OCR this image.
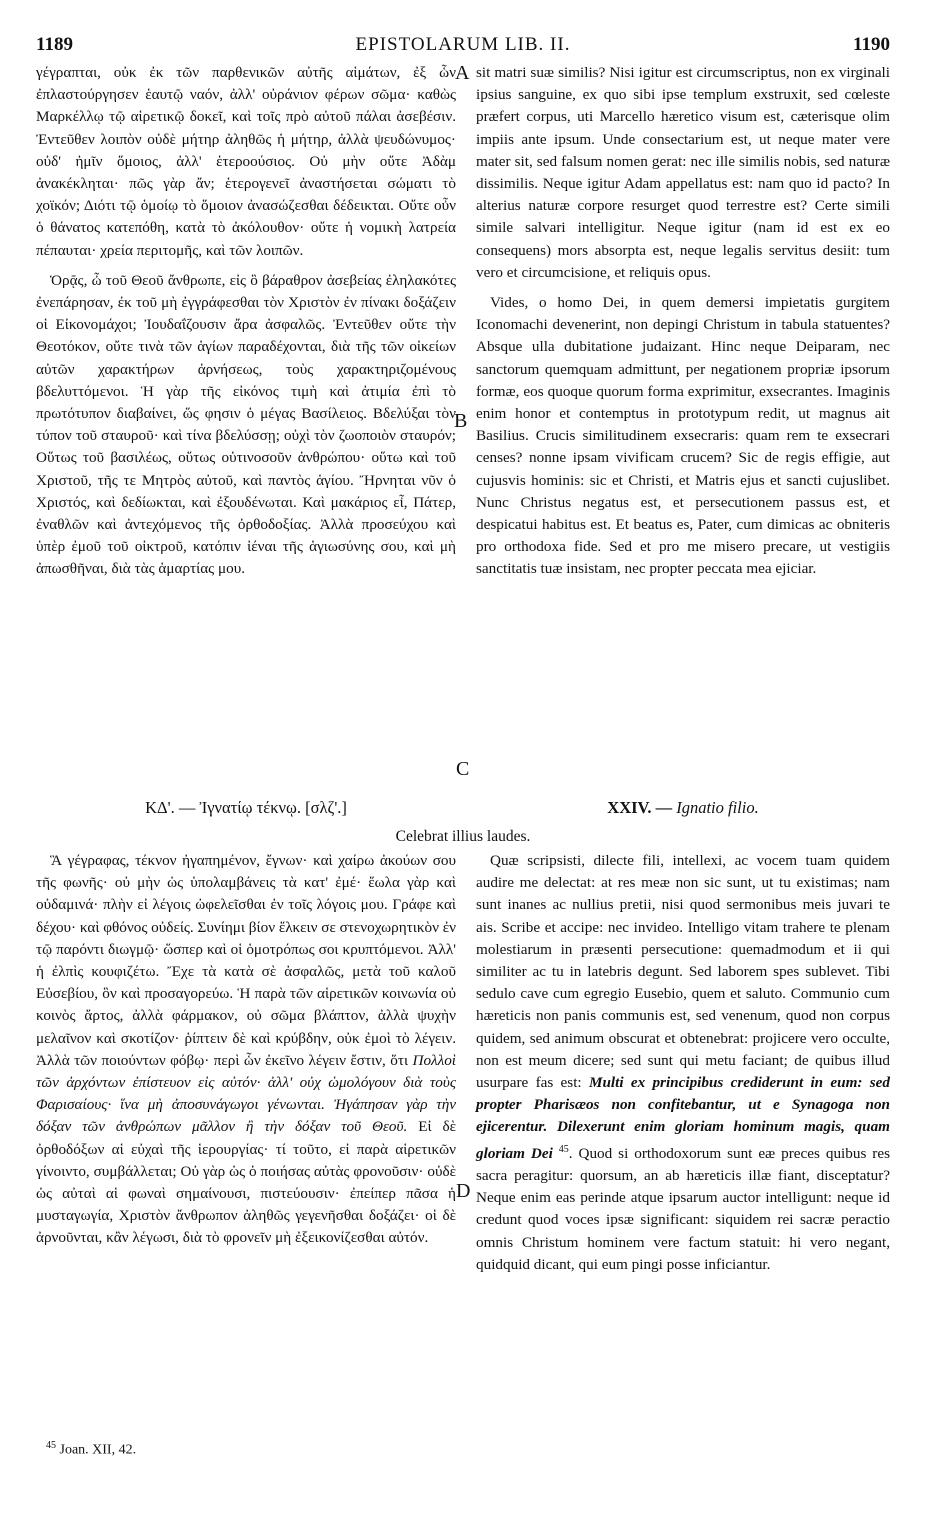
1189	EPISTOLARUM LIB. II.	1190

γέγραπται, οὐκ ἐκ τῶν παρθενικῶν αὐτῆς αἱμάτων, ἐξ ὧν ἐπλαστούργησεν ἑαυτῷ ναόν, ἀλλ' οὐράνιον φέρων σῶμα· καθὼς Μαρκέλλῳ τῷ αἱρετικῷ δοκεῖ, καὶ τοῖς πρὸ αὐτοῦ πάλαι ἀσεβέσιν. Ἐντεῦθεν λοιπὸν οὐδὲ μήτηρ ἀληθῶς ἡ μήτηρ, ἀλλὰ ψευδώνυμος· οὐδ' ἡμῖν ὅμοιος, ἀλλ' ἑτεροούσιος. Οὐ μὴν οὔτε Ἀδὰμ ἀνακέκληται· πῶς γὰρ ἄν; ἑτερογενεῖ ἀναστήσεται σώματι τὸ χοϊκόν; Διότι τῷ ὁμοίῳ τὸ ὅμοιον ἀνασώζεσθαι δέδεικται. Οὔτε οὖν ὁ θάνατος κατεπόθη, κατὰ τὸ ἀκόλουθον· οὔτε ἡ νομικὴ λατρεία πέπαυται· χρεία περιτομῆς, καὶ τῶν λοιπῶν.

Ὁρᾷς, ὦ τοῦ Θεοῦ ἄνθρωπε, εἰς ὃ βάραθρον ἀσεβείας ἐληλακότες ἐνεπάρησαν, ἐκ τοῦ μὴ ἐγγράφεσθαι τὸν Χριστὸν ἐν πίνακι δοξάζειν οἱ Εἰκονομάχοι; Ἰουδαΐζουσιν ἄρα ἀσφαλῶς. Ἐντεῦθεν οὔτε τὴν Θεοτόκον, οὔτε τινὰ τῶν ἁγίων παραδέχονται, διὰ τῆς τῶν οἰκείων αὐτῶν χαρακτήρων ἀρνήσεως, τοὺς χαρακτηριζομένους βδελυττόμενοι. Ἡ γὰρ τῆς εἰκόνος τιμὴ καὶ ἀτιμία ἐπὶ τὸ πρωτότυπον διαβαίνει, ὥς φησιν ὁ μέγας Βασίλειος. Βδελύξαι τὸν τύπον τοῦ σταυροῦ· καὶ τίνα βδελύσσῃ; οὐχὶ τὸν ζωοποιὸν σταυρόν; Οὕτως τοῦ βασιλέως, οὕτως οὑτινοσοῦν ἀνθρώπου· οὕτω καὶ τοῦ Χριστοῦ, τῆς τε Μητρὸς αὐτοῦ, καὶ παντὸς ἁγίου. Ἤρνηται νῦν ὁ Χριστός, καὶ δεδίωκται, καὶ ἐξουδένωται. Καὶ μακάριος εἶ, Πάτερ, ἐναθλῶν καὶ ἀντεχόμενος τῆς ὀρθοδοξίας. Ἀλλὰ προσεύχου καὶ ὑπὲρ ἐμοῦ τοῦ οἰκτροῦ, κατόπιν ἰέναι τῆς ἁγιωσύνης σου, καὶ μὴ ἀπωσθῆναι, διὰ τὰς ἁμαρτίας μου.

sit matri suæ similis? Nisi igitur est circumscriptus, non ex virginali ipsius sanguine, ex quo sibi ipse templum exstruxit, sed cœleste præfert corpus, uti Marcello hæretico visum est, cæterisque olim impiis ante ipsum. Unde consectarium est, ut neque mater vere mater sit, sed falsum nomen gerat: nec ille similis nobis, sed naturæ dissimilis. Neque igitur Adam appellatus est: nam quo id pacto? In alterius naturæ corpore resurget quod terrestre est? Certe simili simile salvari intelligitur. Neque igitur (nam id est ex eo consequens) mors absorpta est, neque legalis servitus desiit: tum vero et circumcisione, et reliquis opus.

Vides, o homo Dei, in quem demersi impietatis gurgitem Iconomachi devenerint, non depingi Christum in tabula statuentes? Absque ulla dubitatione judaizant. Hinc neque Deiparam, nec sanctorum quemquam admittunt, per negationem propriæ ipsorum formæ, eos quoque quorum forma exprimitur, exsecrantes. Imaginis enim honor et contemptus in prototypum redit, ut magnus ait Basilius. Crucis similitudinem exsecraris: quam rem te exsecrari censes? nonne ipsam vivificam crucem? Sic de regis effigie, aut cujusvis hominis: sic et Christi, et Matris ejus et sancti cujuslibet. Nunc Christus negatus est, et persecutionem passus est, et despicatui habitus est. Et beatus es, Pater, cum dimicas ac obniteris pro orthodoxa fide. Sed et pro me misero precare, ut vestigiis sanctitatis tuæ insistam, nec propter peccata mea ejiciar.

A
B
C
D
ΚΔ'. — Ἰγνατίῳ τέκνῳ. [σλζ'.]	XXIV. — Ignatio filio.
Celebrat illius laudes.

Ἃ γέγραφας, τέκνον ἠγαπημένον, ἔγνων· καὶ χαίρω ἀκούων σου τῆς φωνῆς· οὐ μὴν ὡς ὑπολαμβάνεις τὰ κατ' ἐμέ· ἕωλα γὰρ καὶ οὐδαμινά· πλὴν εἰ λέγοις ὠφελεῖσθαι ἐν τοῖς λόγοις μου. Γράφε καὶ δέχου· καὶ φθόνος οὐδείς. Συνίημι βίον ἕλκειν σε στενοχωρητικὸν ἐν τῷ παρόντι διωγμῷ· ὥσπερ καὶ οἱ ὁμοτρόπως σοι κρυπτόμενοι. Ἀλλ' ἡ ἐλπὶς κουφιζέτω. Ἔχε τὰ κατὰ σὲ ἀσφαλῶς, μετὰ τοῦ καλοῦ Εὐσεβίου, ὃν καὶ προσαγορεύω. Ἡ παρὰ τῶν αἱρετικῶν κοινωνία οὐ κοινὸς ἄρτος, ἀλλὰ φάρμακον, οὐ σῶμα βλάπτον, ἀλλὰ ψυχὴν μελαῖνον καὶ σκοτίζον· ῥίπτειν δὲ καὶ κρύβδην, οὐκ ἐμοὶ τὸ λέγειν. Ἀλλὰ τῶν ποιούντων φόβῳ· περὶ ὧν ἐκεῖνο λέγειν ἔστιν, ὅτι Πολλοὶ τῶν ἀρχόντων ἐπίστευον εἰς αὐτόν· ἀλλ' οὐχ ὡμολόγουν διὰ τοὺς Φαρισαίους· ἵνα μὴ ἀποσυνάγωγοι γένωνται. Ἠγάπησαν γὰρ τὴν δόξαν τῶν ἀνθρώπων μᾶλλον ἢ τὴν δόξαν τοῦ Θεοῦ. Εἰ δὲ ὀρθοδόξων αἱ εὐχαὶ τῆς ἱερουργίας· τί τοῦτο, εἰ παρὰ αἱρετικῶν γίνοιντο, συμβάλλεται; Οὐ γὰρ ὡς ὁ ποιήσας αὐτὰς φρονοῦσιν· οὐδὲ ὡς αὐταὶ αἱ φωναὶ σημαίνουσι, πιστεύουσιν· ἐπείπερ πᾶσα ἡ μυσταγωγία, Χριστὸν ἄνθρωπον ἀληθῶς γεγενῆσθαι δοξάζει· οἱ δὲ ἀρνοῦνται, κἂν λέγωσι, διὰ τὸ φρονεῖν μὴ ἐξεικονίζεσθαι αὐτόν.

Quæ scripsisti, dilecte fili, intellexi, ac vocem tuam quidem audire me delectat: at res meæ non sic sunt, ut tu existimas; nam sunt inanes ac nullius pretii, nisi quod sermonibus meis juvari te ais. Scribe et accipe: nec invideo. Intelligo vitam trahere te plenam molestiarum in præsenti persecutione: quemadmodum et ii qui similiter ac tu in latebris degunt. Sed laborem spes sublevet. Tibi sedulo cave cum egregio Eusebio, quem et saluto. Communio cum hæreticis non panis communis est, sed venenum, quod non corpus quidem, sed animum obscurat et obtenebrat: projicere vero occulte, non est meum dicere; sed sunt qui metu faciant; de quibus illud usurpare fas est: Multi ex principibus crediderunt in eum: sed propter Pharisæos non confitebantur, ut e Synagoga non ejicerentur. Dilexerunt enim gloriam hominum magis, quam gloriam Dei $^{45}$. Quod si orthodoxorum sunt eæ preces quibus res sacra peragitur: quorsum, an ab hæreticis illæ fiant, disceptatur? Neque enim eas perinde atque ipsarum auctor intelligunt: neque id credunt quod voces ipsæ significant: siquidem rei sacræ peractio omnis Christum hominem vere factum statuit: hi vero negant, quidquid dicant, qui eum pingi posse inficiantur.

$^{45}$ Joan. XII, 42.
